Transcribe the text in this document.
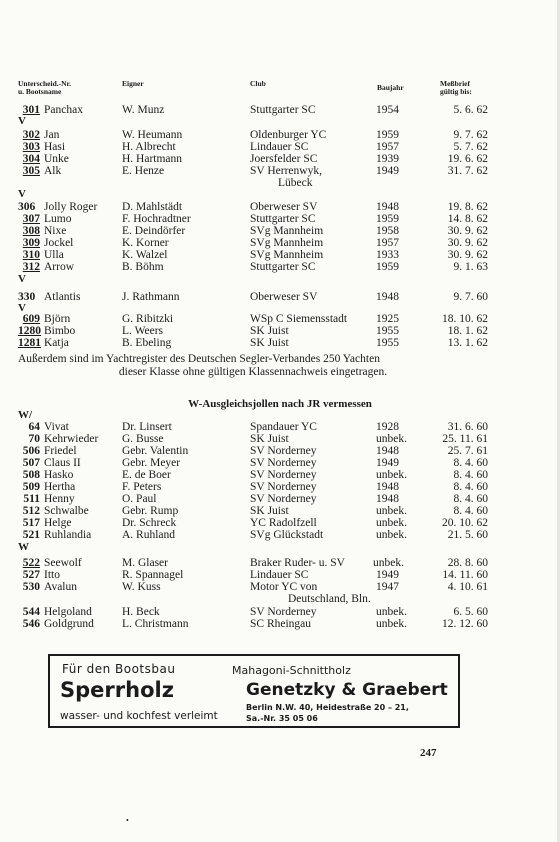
Unterscheid.-Nr.
u. Bootsname
Eigner	Club	Baujahr	Meßbrief
gültig bis:
301 Panchax	W. Munz	Stuttgarter SC	1954	5. 6. 62
V
302 Jan	W. Heumann	Oldenburger YC	1959	9. 7. 62
303 Hasi	H. Albrecht	Lindauer SC	1957	5. 7. 62
304 Unke	H. Hartmann	Joersfelder SC	1939	19. 6. 62
305 Alk	E. Henze	SV Herrenwyk,	1949	31. 7. 62
Lübeck
V
306 Jolly Roger D. Mahlstädt	Oberweser SV	1948	19. 8. 62
307 Lumo	F. Hochradtner	Stuttgarter SC	1959	14. 8. 62
308 Nixe	E. Deindörfer	SVg Mannheim	1958	30. 9. 62
309 Jockel	K. Korner	SVg Mannheim	1957	30. 9. 62
310 Ulla	K. Walzel	SVg Mannheim	1933	30. 9. 62
312 Arrow	B. Böhm	Stuttgarter SC	1959	9. 1. 63
V
330 Atlantis	J. Rathmann	Oberweser SV	1948	9. 7. 60
V
609 Björn	G. Ribitzki	WSp C Siemensstadt	1925	18. 10. 62
1280 Bimbo	L. Weers	SK Juist	1955	18. 1. 62
1281 Katja	B. Ebeling	SK Juist	1955	13. 1. 62
Außerdem sind im Yachtregister des Deutschen Segler-Verbandes 250 Yachten
dieser Klasse ohne gültigen Klassennachweis eingetragen.
W-Ausgleichsjollen nach JR vermessen
W/
64 Vivat	Dr. Linsert	Spandauer YC	1928	31. 6. 60
70 Kehrwieder G. Busse	SK Juist	unbek.	25. 11. 61
506 Friedel	Gebr. Valentin	SV Norderney	1948	25. 7. 61
507 Claus II	Gebr. Meyer	SV Norderney	1949	8. 4. 60
508 Hasko	E. de Boer	SV Norderney	unbek.	8. 4. 60
509 Hertha	F. Peters	SV Norderney	1948	8. 4. 60
511 Henny	O. Paul	SV Norderney	1948	8. 4. 60
512 Schwalbe	Gebr. Rump	SK Juist	unbek.	8. 4. 60
517 Helge	Dr. Schreck	YC Radolfzell	unbek.	20. 10. 62
521 Ruhlandia	A. Ruhland	SVg Glückstadt	unbek.	21. 5. 60
W
522 Seewolf	M. Glaser	Braker Ruder- u. SV unbek.	28. 8. 60
527 Itto	R. Spannagel	Lindauer SC	1949	14. 11. 60
530 Avalun	W. Kuss	Motor YC von	1947	4. 10. 61
Deutschland, Bln.
544 Helgoland	H. Beck	SV Norderney	unbek.	6. 5. 60
546 Goldgrund L. Christmann	SC Rheingau	unbek.	12. 12. 60
Für den Bootsbau
Sperrholz
wasser- und kochfest verleimt
Mahagoni-Schnittholz
Genetzky & Graebert
Berlin N.W. 40, Heidestraße 20 – 21,
Sa.-Nr. 35 05 06
247
•
